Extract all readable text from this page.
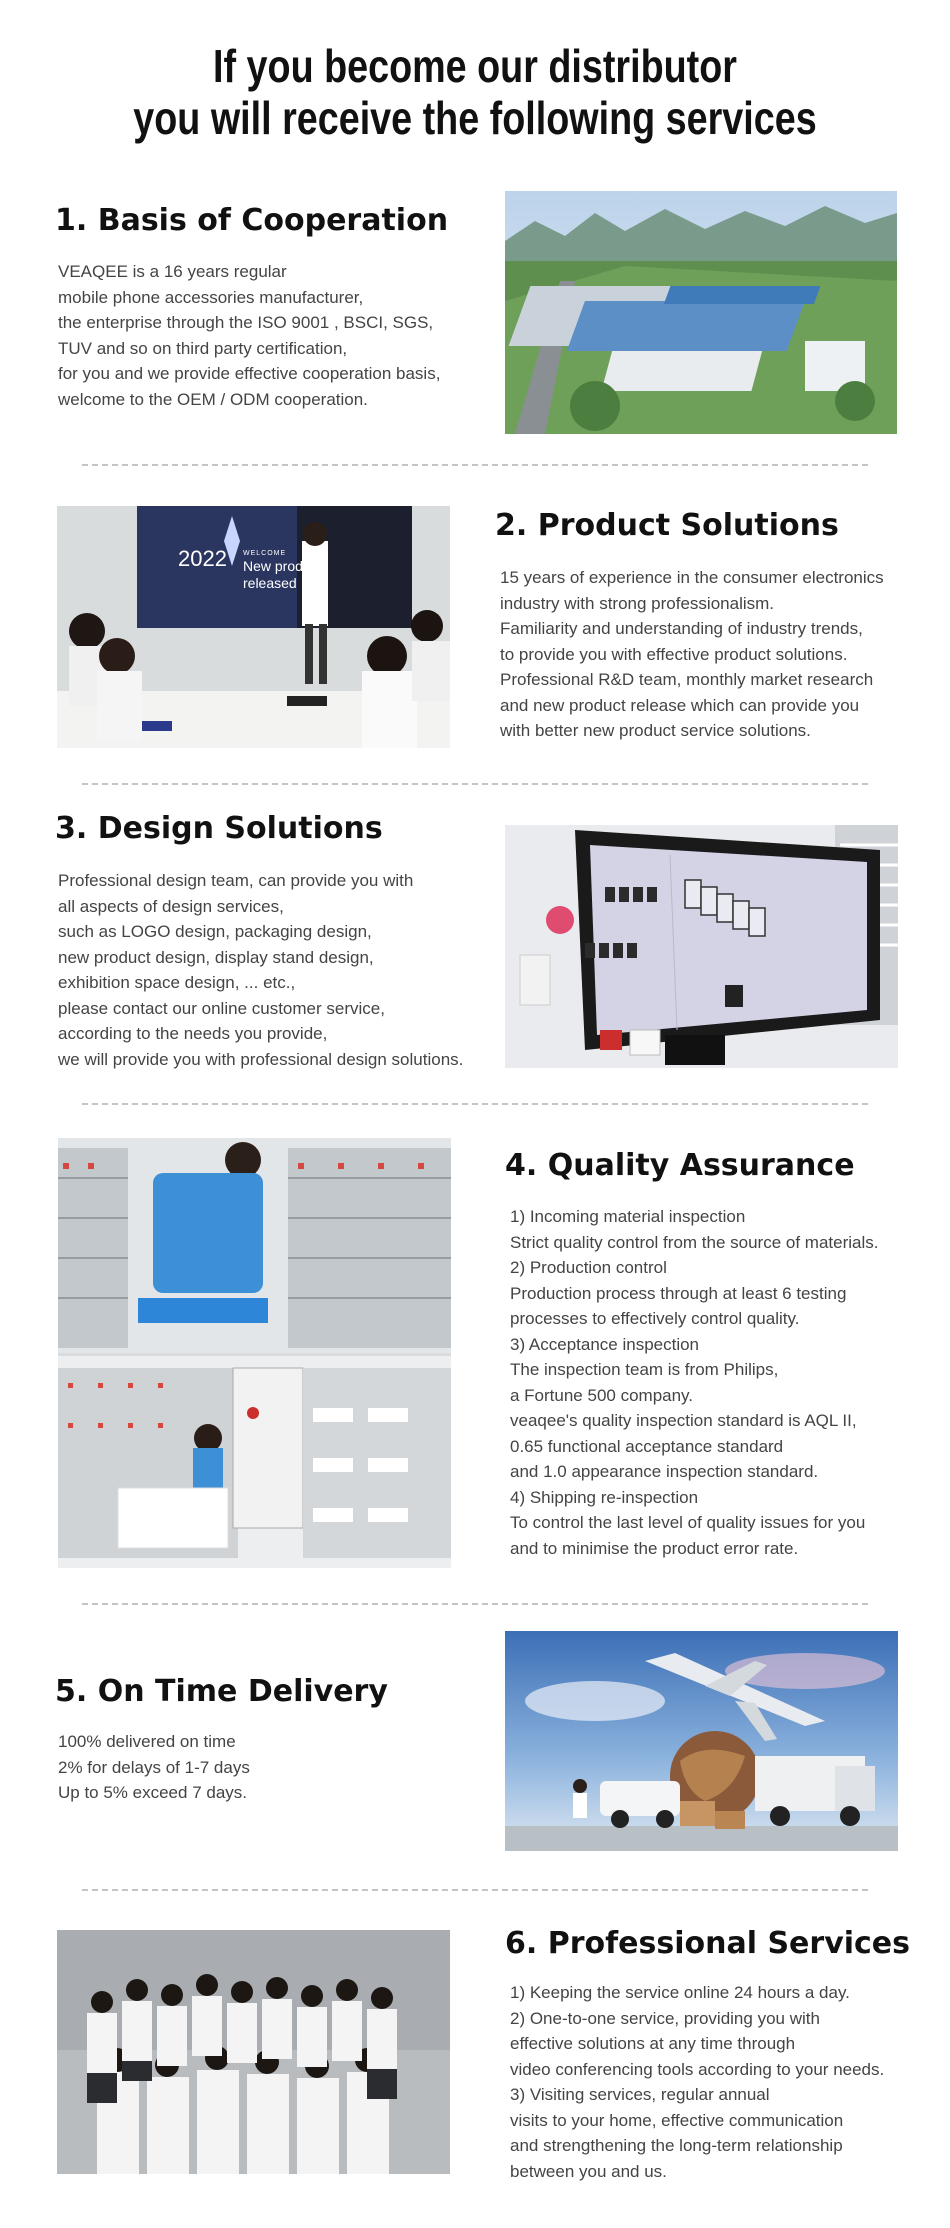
If you become our distributor
you will receive the following services
1. Basis of Cooperation
VEAQEE is a 16 years regular
mobile phone accessories manufacturer,
the enterprise through the ISO 9001 , BSCI, SGS,
TUV and so on third party certification,
for you and we provide effective cooperation basis,
welcome to the OEM / ODM cooperation.
2022 WELCOME
New product
released
2. Product Solutions
15 years of experience in the consumer electronics
industry with strong professionalism.
Familiarity and understanding of industry trends,
to provide you with effective product solutions.
Professional R&D team, monthly market research
and new product release which can provide you
with better new product service solutions.
3. Design Solutions
Professional design team, can provide you with
all aspects of design services,
such as LOGO design, packaging design,
new product design, display stand design,
exhibition space design, ... etc.,
please contact our online customer service,
according to the needs you provide,
we will provide you with professional design solutions.
4. Quality Assurance
1) Incoming material inspection
Strict quality control from the source of materials.
2) Production control
Production process through at least 6 testing
processes to effectively control quality.
3) Acceptance inspection
The inspection team is from Philips,
a Fortune 500 company.
veaqee's quality inspection standard is AQL II,
0.65 functional acceptance standard
and 1.0 appearance inspection standard.
4) Shipping re-inspection
To control the last level of quality issues for you
and to minimise the product error rate.
5. On Time Delivery
100% delivered on time
2% for delays of 1-7 days
Up to 5% exceed 7 days.
6. Professional Services
1) Keeping the service online 24 hours a day.
2) One-to-one service, providing you with
effective solutions at any time through
video conferencing tools according to your needs.
3) Visiting services, regular annual
visits to your home, effective communication
and strengthening the long-term relationship
between you and us.
